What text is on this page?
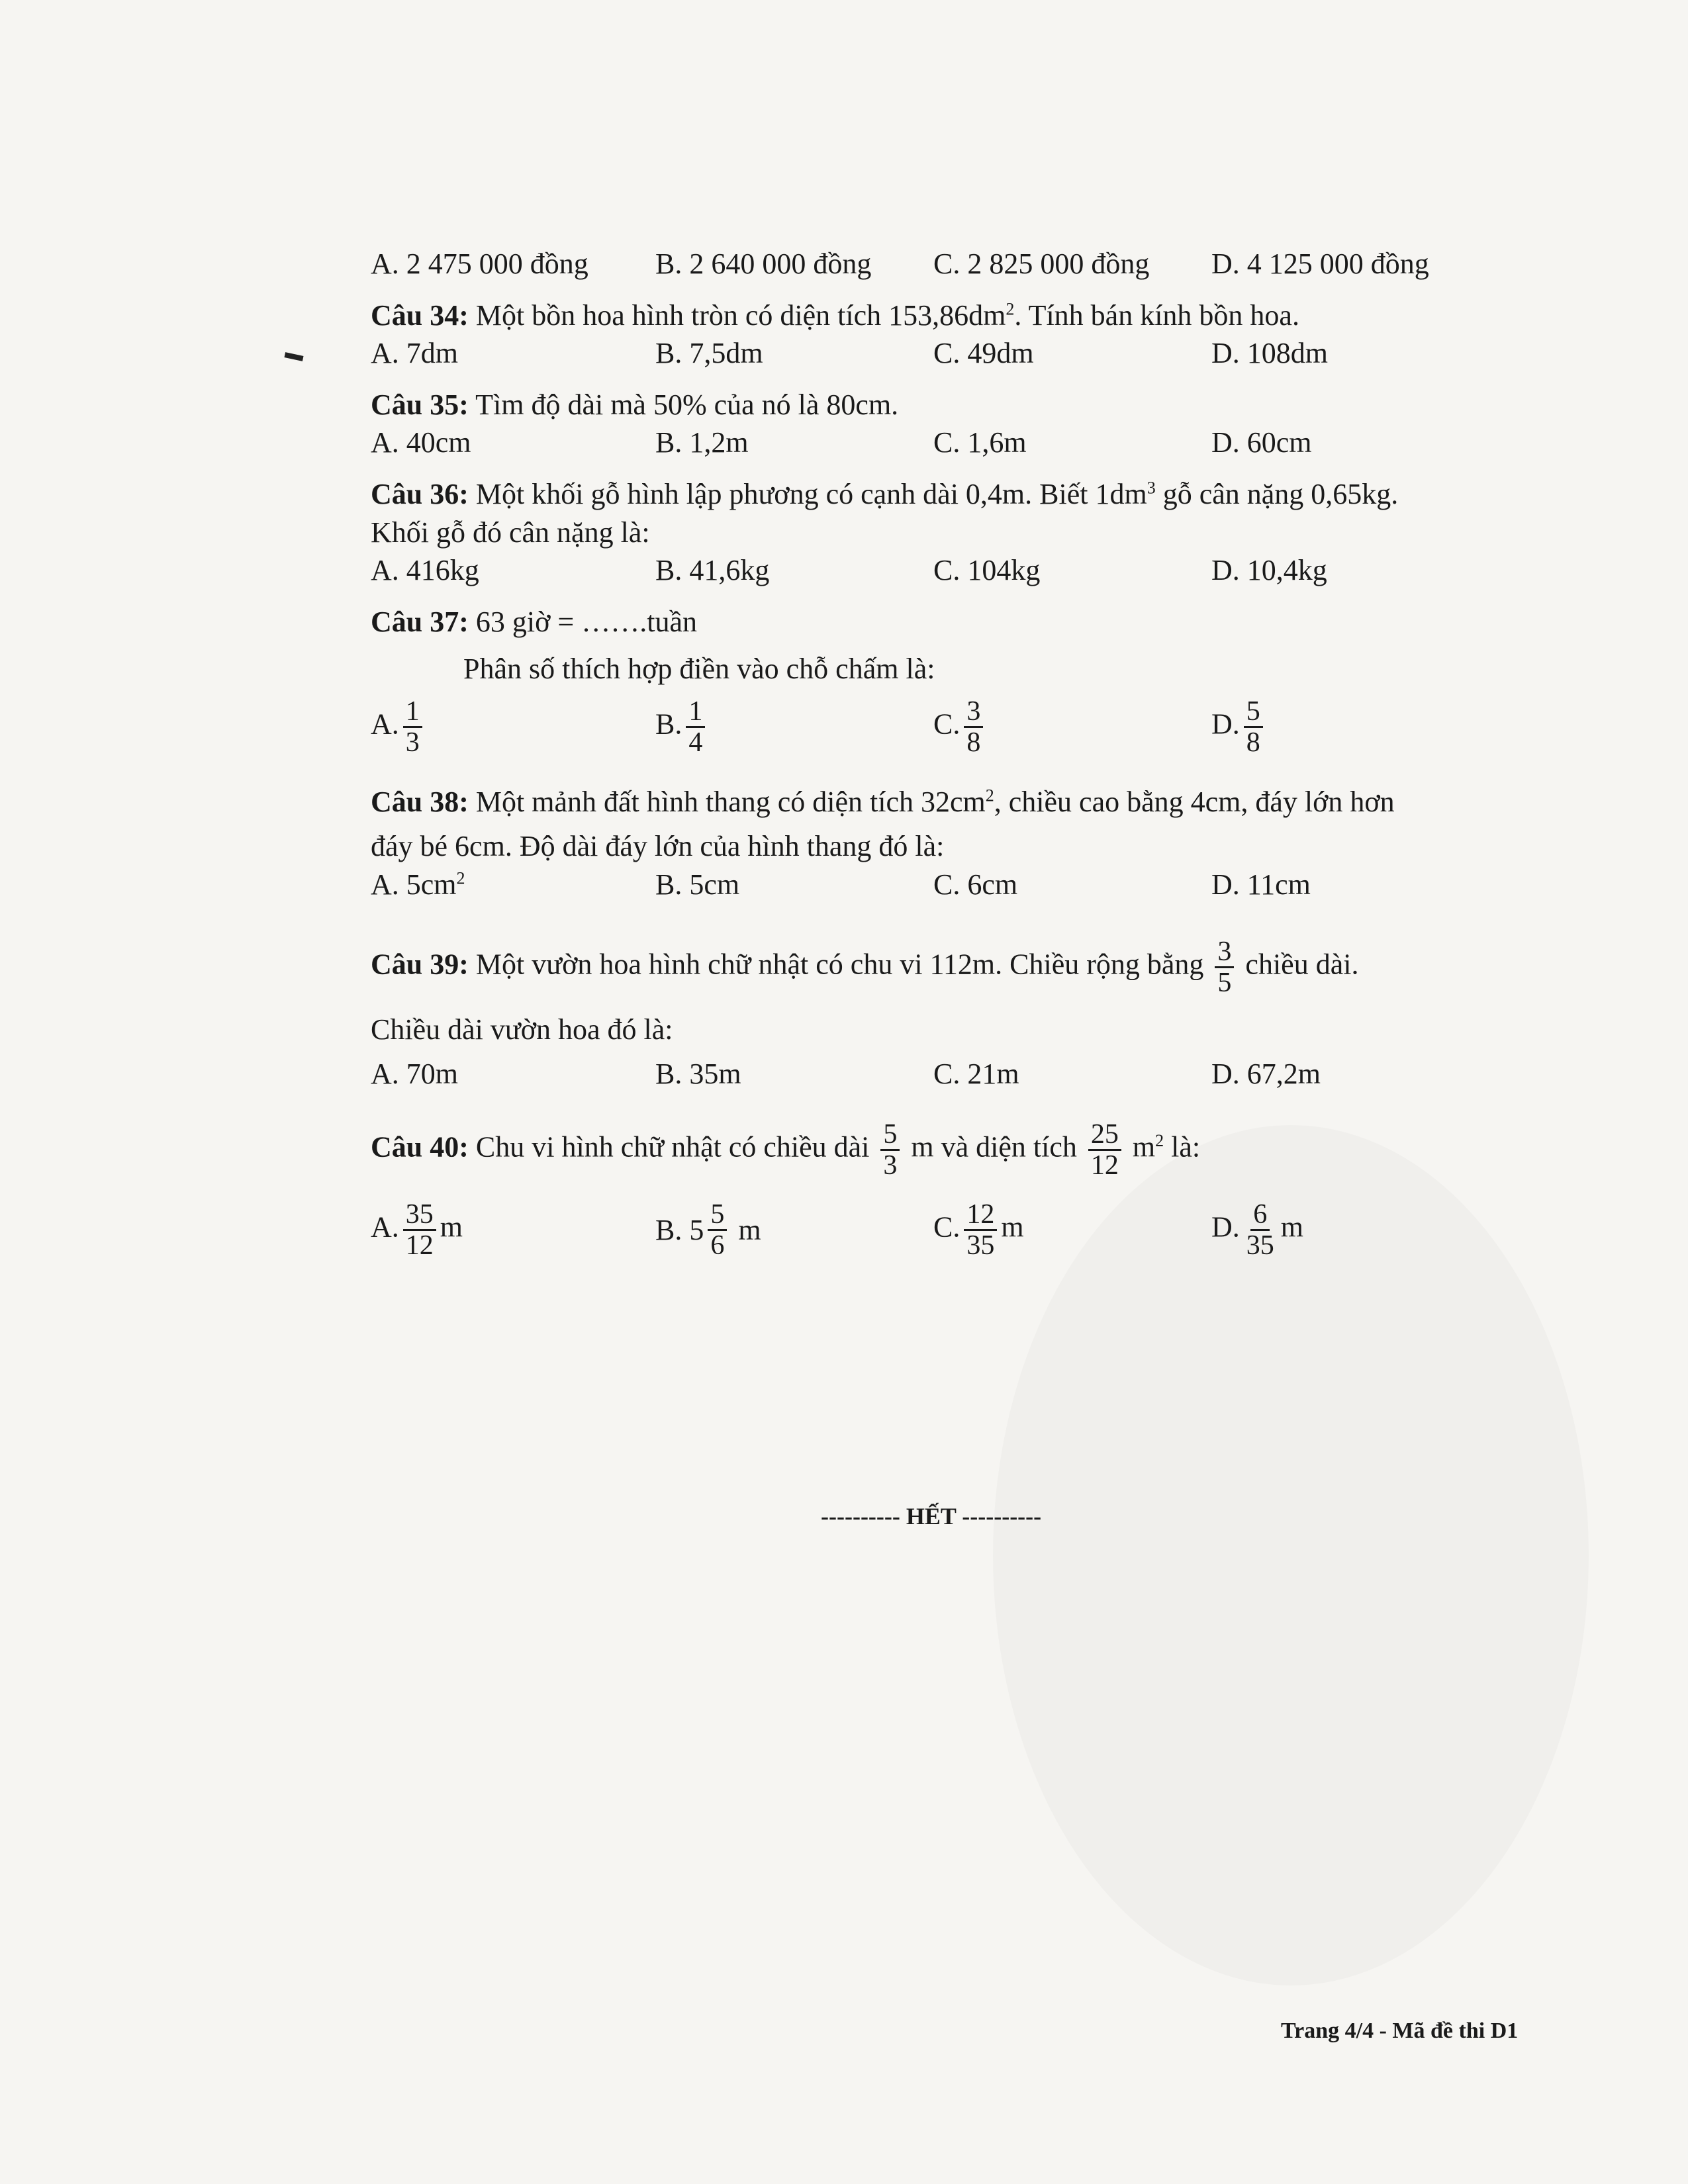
A. 2 475 000 đồng B. 2 640 000 đồng C. 2 825 000 đồng D. 4 125 000 đồng

Câu 34: Một bồn hoa hình tròn có diện tích $153,86dm^2$. Tính bán kính bồn hoa.

A. 7dm	B. 7,5dm	C. 49dm	D. 108dm

Câu 35: Tìm độ dài mà 50% của nó là 80cm.

A. 40cm	B. 1,2m	C. 1,6m	D. 60cm

Câu 36: Một khối gỗ hình lập phương có cạnh dài 0,4m. Biết $1dm^3$ gỗ cân nặng 0,65kg.

Khối gỗ đó cân nặng là:

A. 416kg	B. 41,6kg	C. 104kg	D. 10,4kg

Câu 37: 63 giờ = …….tuần

Phân số thích hợp điền vào chỗ chấm là:

A. $\frac{1}{3}$	B. $\frac{1}{4}$	C. $\frac{3}{8}$	D. $\frac{5}{8}$

Câu 38: Một mảnh đất hình thang có diện tích $32cm^2$, chiều cao bằng 4cm, đáy lớn hơn

đáy bé 6cm. Độ dài đáy lớn của hình thang đó là:

A. $5cm^2$	B. 5cm	C. 6cm	D. 11cm

Câu 39: Một vườn hoa hình chữ nhật có chu vi 112m. Chiều rộng bằng $\frac{3}{5}$ chiều dài.

Chiều dài vườn hoa đó là:

A. 70m	B. 35m	C. 21m	D. 67,2m

Câu 40: Chu vi hình chữ nhật có chiều dài $\frac{5}{3}$ m và diện tích $\frac{25}{12} m^2$ là:

A. $\frac{35}{12}$ m	B. $5 \frac{5}{6}$ m	C. $\frac{12}{35}$ m	D. $\frac{6}{35}$ m
---------- HẾT ----------
Trang 4/4 - Mã đề thi D1
